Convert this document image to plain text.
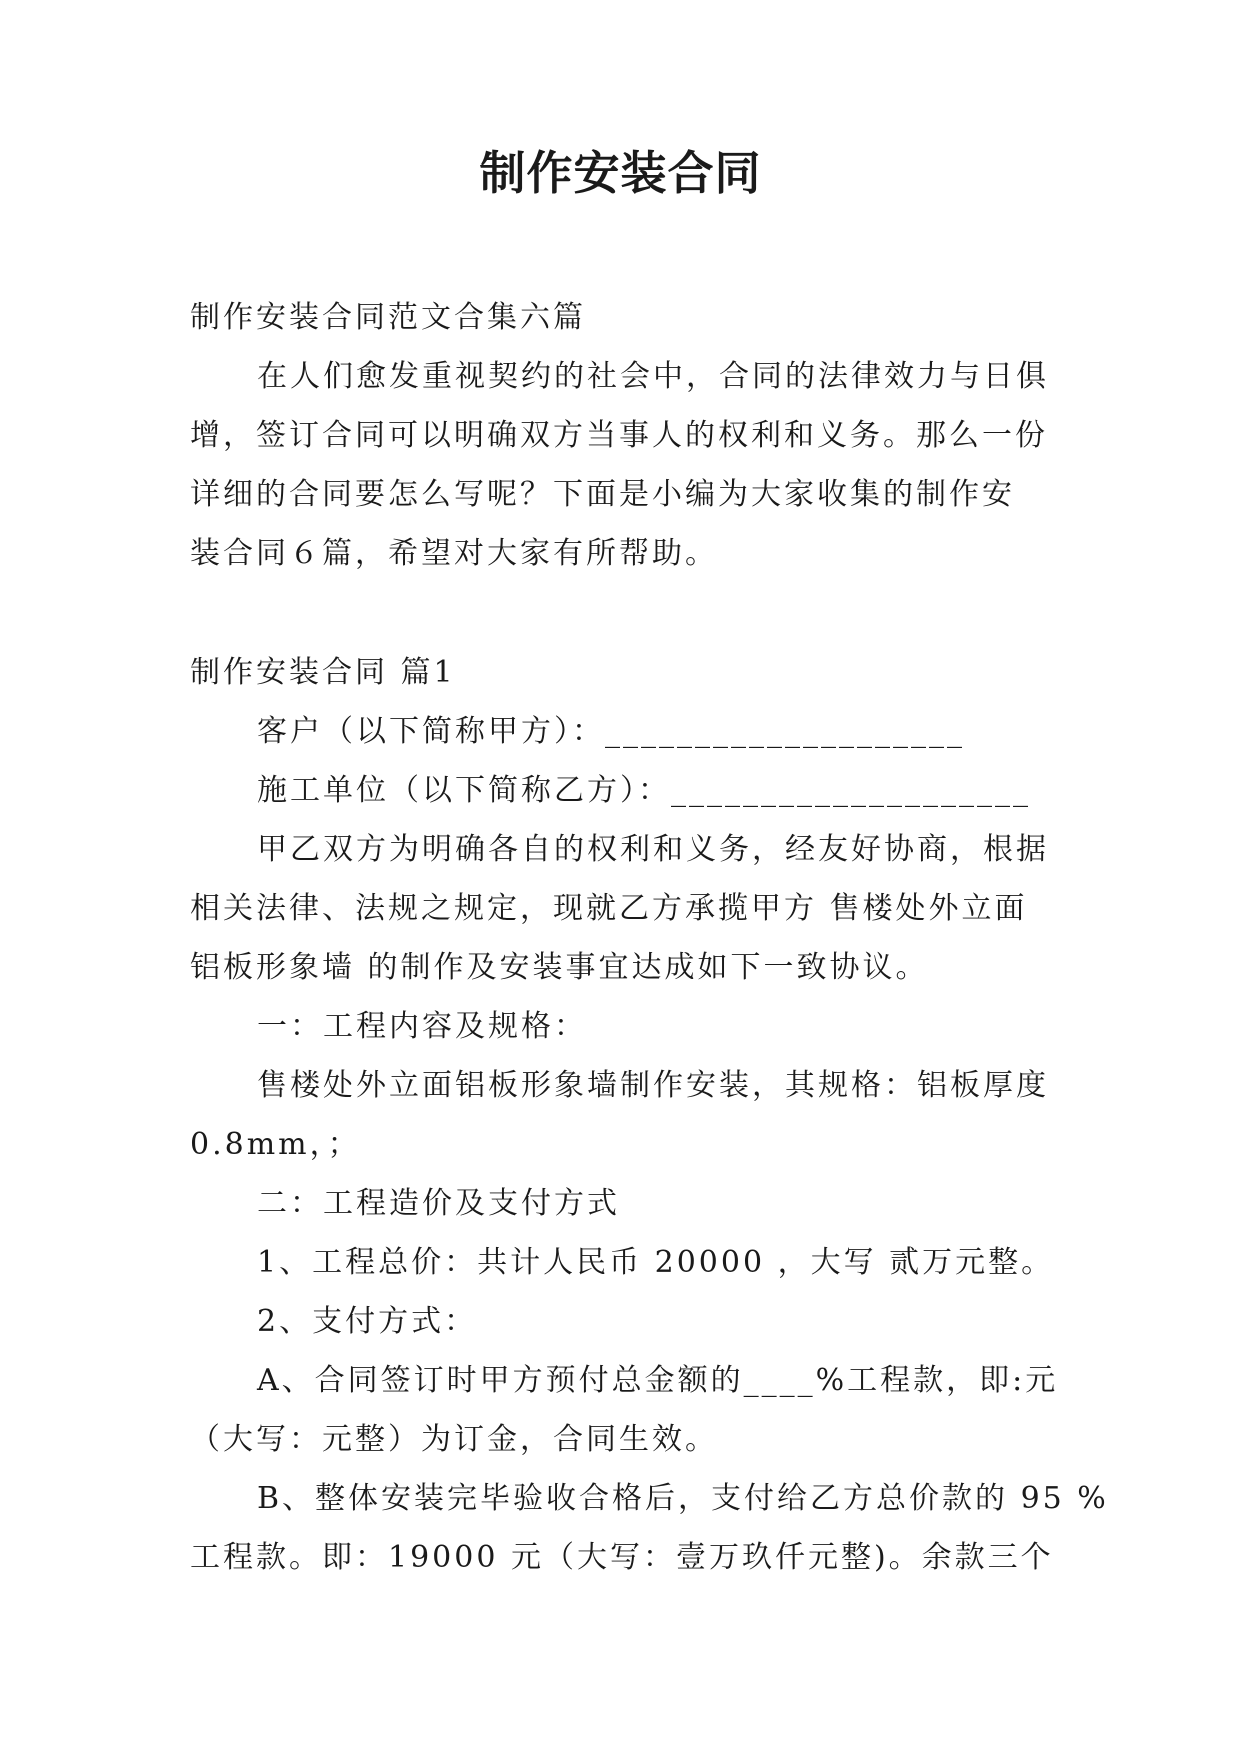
制作安装合同
制作安装合同范文合集六篇
在人们愈发重视契约的社会中，合同的法律效力与日俱
增，签订合同可以明确双方当事人的权利和义务。那么一份
详细的合同要怎么写呢？下面是小编为大家收集的制作安
装合同６篇，希望对大家有所帮助。
制作安装合同 篇1
客户（以下简称甲方）：____________________
施工单位（以下简称乙方）：____________________
甲乙双方为明确各自的权利和义务，经友好协商，根据
相关法律、法规之规定，现就乙方承揽甲方 售楼处外立面
铝板形象墙 的制作及安装事宜达成如下一致协议。
一：工程内容及规格：
售楼处外立面铝板形象墙制作安装，其规格：铝板厚度
0.8mm，；
二：工程造价及支付方式
1、工程总价：共计人民币 20000 ，大写 贰万元整。
2、支付方式：
A、合同签订时甲方预付总金额的____%工程款，即:元
（大写：元整）为订金，合同生效。
B、整体安装完毕验收合格后，支付给乙方总价款的 95 %
工程款。即：19000 元（大写：壹万玖仟元整)。余款三个
